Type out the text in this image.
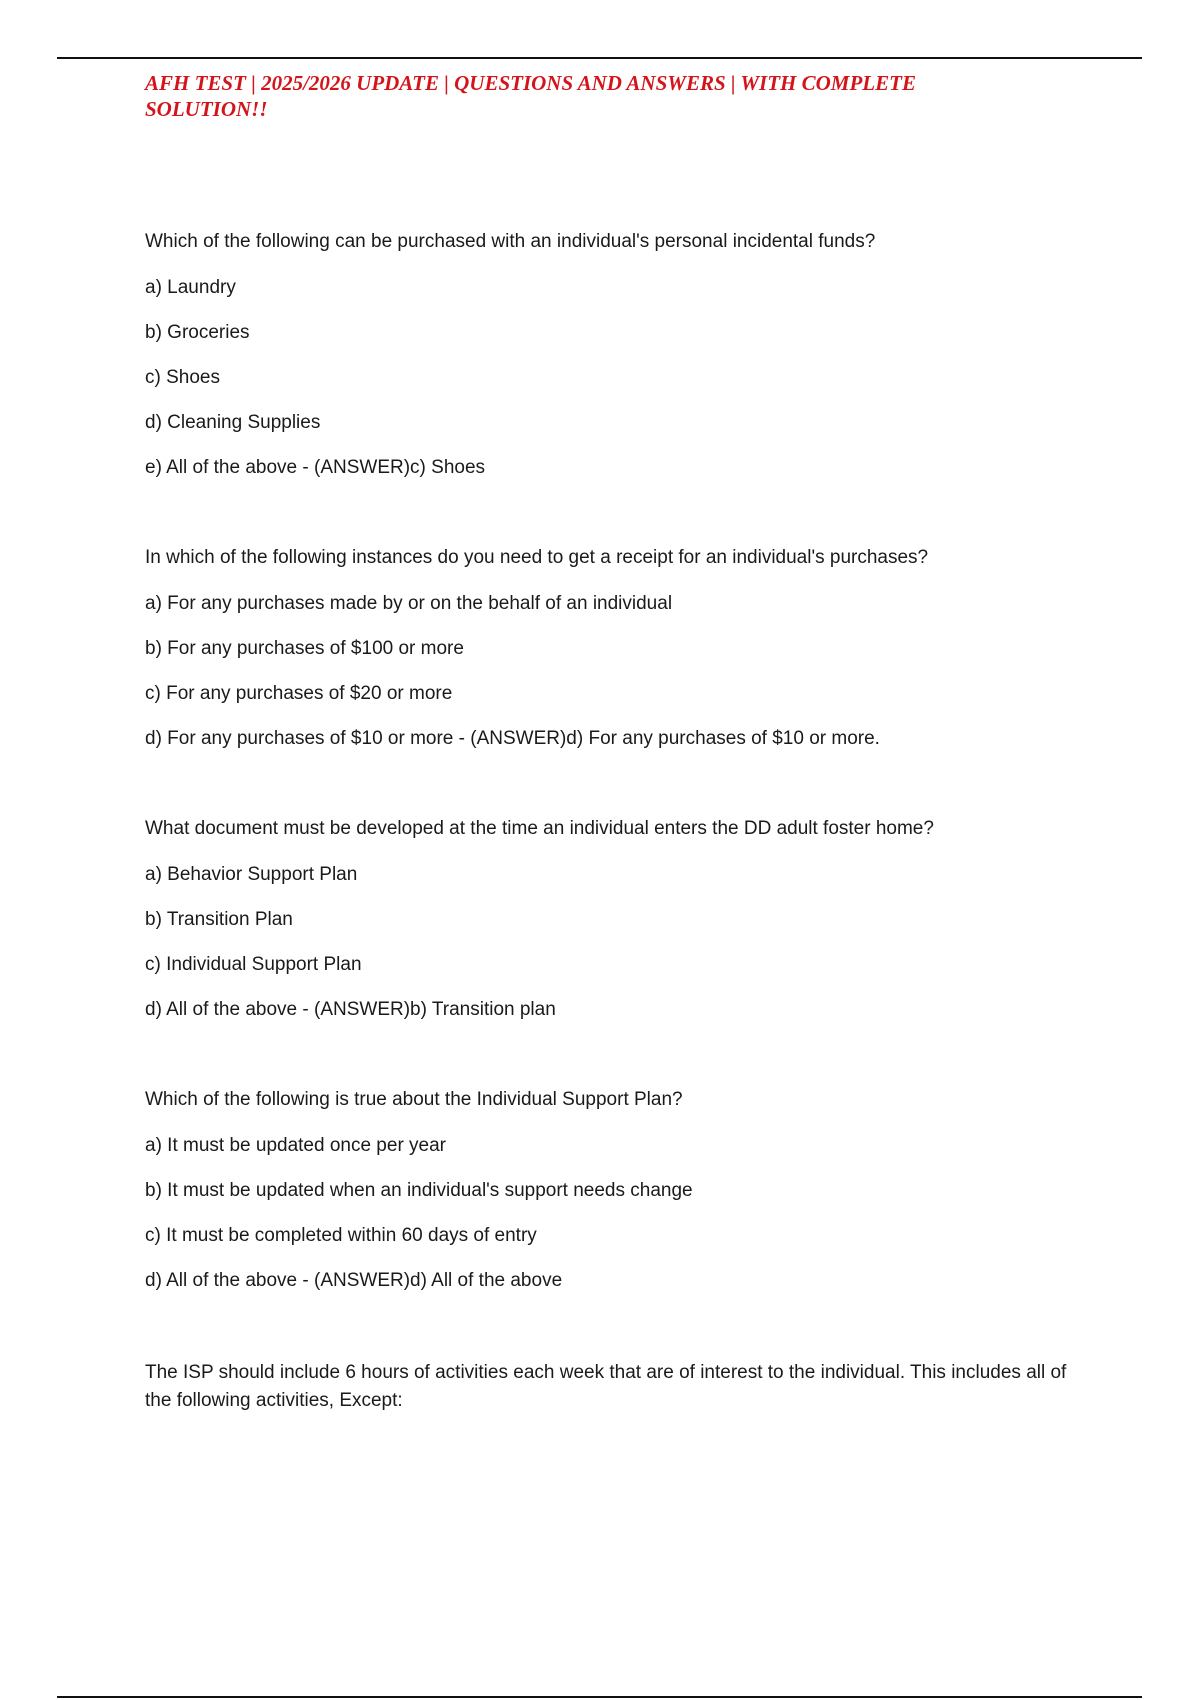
AFH TEST | 2025/2026 UPDATE | QUESTIONS AND ANSWERS | WITH COMPLETE SOLUTION!!

Which of the following can be purchased with an individual's personal incidental funds?

a) Laundry

b) Groceries

c) Shoes

d) Cleaning Supplies

e) All of the above - (ANSWER)c) Shoes

In which of the following instances do you need to get a receipt for an individual's purchases?

a) For any purchases made by or on the behalf of an individual

b) For any purchases of $100 or more

c) For any purchases of $20 or more

d) For any purchases of $10 or more - (ANSWER)d) For any purchases of $10 or more.

What document must be developed at the time an individual enters the DD adult foster home?

a) Behavior Support Plan

b) Transition Plan

c) Individual Support Plan

d) All of the above - (ANSWER)b) Transition plan

Which of the following is true about the Individual Support Plan?

a) It must be updated once per year

b) It must be updated when an individual's support needs change

c) It must be completed within 60 days of entry

d) All of the above - (ANSWER)d) All of the above

The ISP should include 6 hours of activities each week that are of interest to the individual. This includes all of the following activities, Except:
